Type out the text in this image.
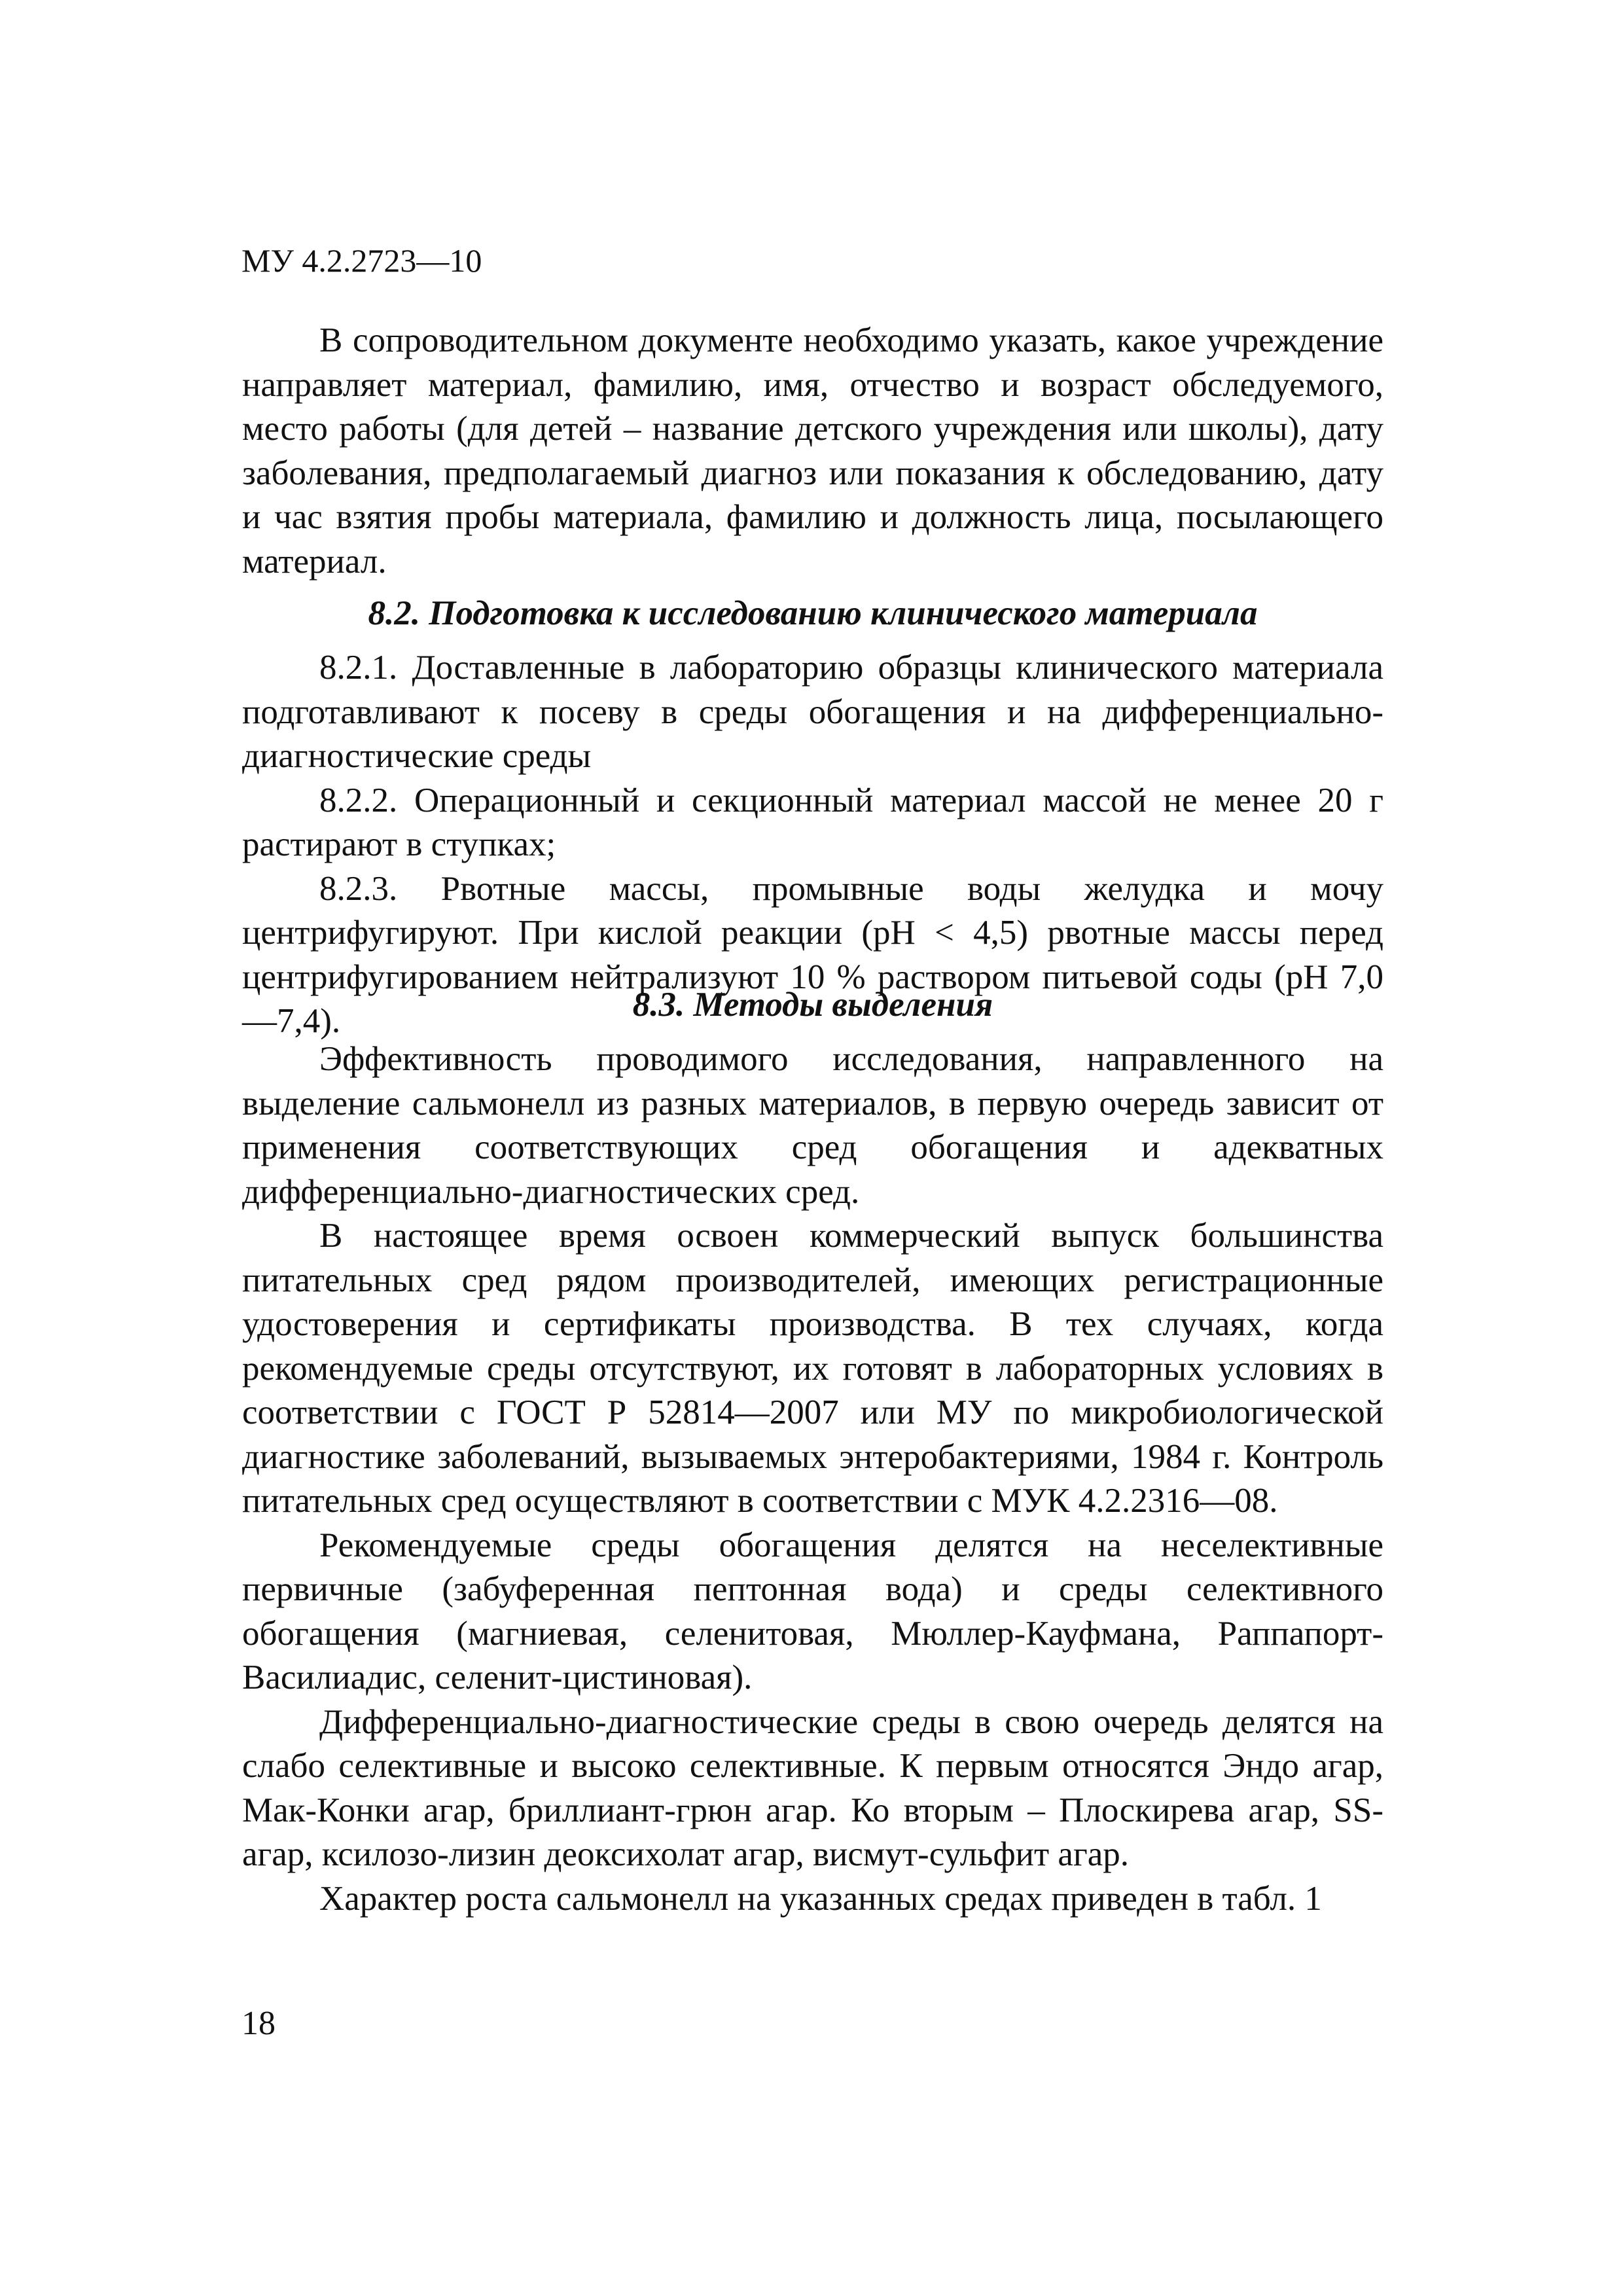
МУ 4.2.2723—10

В сопроводительном документе необходимо указать, какое учреждение направляет материал, фамилию, имя, отчество и возраст обследуемого, место работы (для детей – название детского учреждения или школы), дату заболевания, предполагаемый диагноз или показания к обследованию, дату и час взятия пробы материала, фамилию и должность лица, посылающего материал.

8.2. Подготовка к исследованию клинического материала

8.2.1. Доставленные в лабораторию образцы клинического материала подготавливают к посеву в среды обогащения и на дифференциально-диагностические среды

8.2.2. Операционный и секционный материал массой не менее 20 г растирают в ступках;

8.2.3. Рвотные массы, промывные воды желудка и мочу центрифугируют. При кислой реакции (рН < 4,5) рвотные массы перед центрифугированием нейтрализуют 10 % раствором питьевой соды (рН 7,0—7,4).	8.3. Методы выделения

Эффективность проводимого исследования, направленного на выделение сальмонелл из разных материалов, в первую очередь зависит от применения соответствующих сред обогащения и адекватных дифференциально-диагностических сред.

В настоящее время освоен коммерческий выпуск большинства питательных сред рядом производителей, имеющих регистрационные удостоверения и сертификаты производства. В тех случаях, когда рекомендуемые среды отсутствуют, их готовят в лабораторных условиях в соответствии с ГОСТ Р 52814—2007 или МУ по микробиологической диагностике заболеваний, вызываемых энтеробактериями, 1984 г. Контроль питательных сред осуществляют в соответствии с МУК 4.2.2316—08.

Рекомендуемые среды обогащения делятся на неселективные первичные (забуференная пептонная вода) и среды селективного обогащения (магниевая, селенитовая, Мюллер-Кауфмана, Раппапорт-Василиадис, селенит-цистиновая).

Дифференциально-диагностические среды в свою очередь делятся на слабо селективные и высоко селективные. К первым относятся Эндо агар, Мак-Конки агар, бриллиант-грюн агар. Ко вторым – Плоскирева агар, SS-агар, ксилозо-лизин деоксихолат агар, висмут-сульфит агар.

Характер роста сальмонелл на указанных средах приведен в табл. 1

18
